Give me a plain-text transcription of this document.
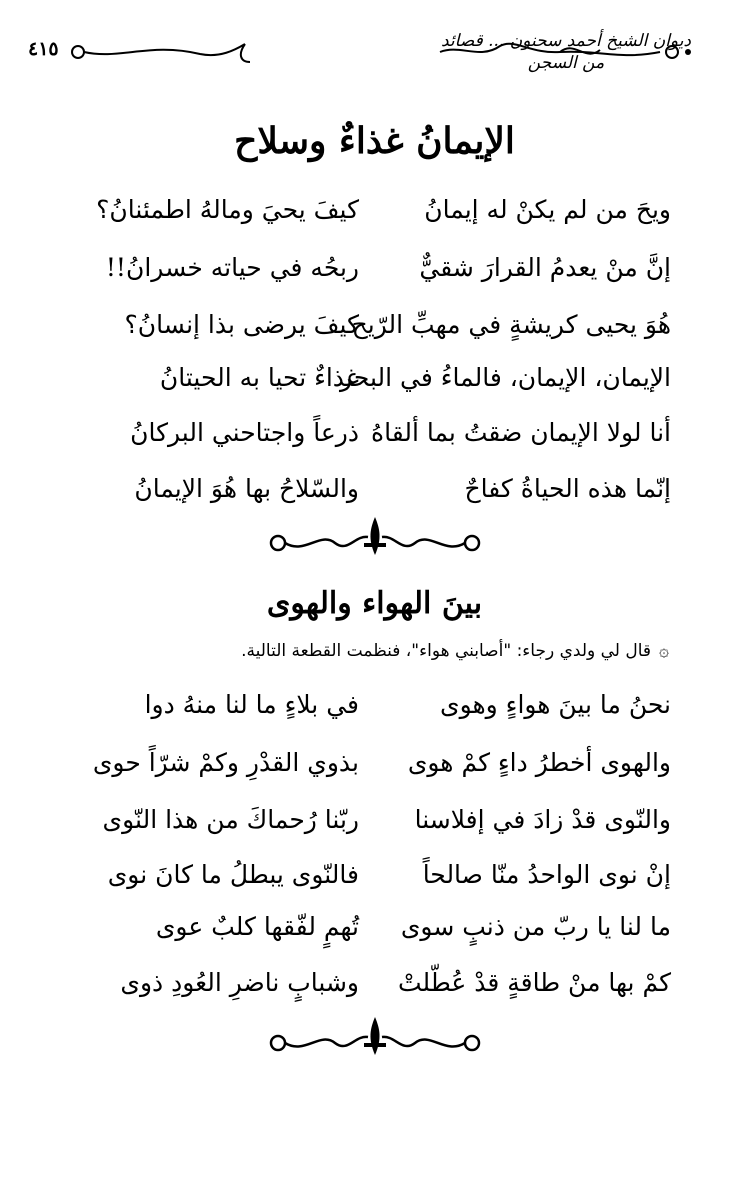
٤١٥	ديوان الشيخ أحمد سحنون ... قصائد من السجن
الإيمانُ غذاءٌ وسلاح
ويحَ من لم يكنْ له إيمانُ
كيفَ يحيَ ومالهُ اطمئنانُ؟
إنَّ منْ يعدمُ القرارَ شقيٌّ
ربحُه في حياته خسرانُ!!
هُوَ يحيى كريشةٍ في مهبِّ الرّيح
كيفَ يرضى بذا إنسانُ؟
الإيمان، الإيمان، فالماءُ في البحر
غذاءٌ تحيا به الحيتانُ
أنا لولا الإيمان ضقتُ بما ألقاهُ
ذرعاً واجتاحني البركانُ
إنّما هذه الحياةُ كفاحٌ
والسّلاحُ بها هُوَ الإيمانُ
بينَ الهواء والهوى
۞قال لي ولدي رجاء: "أصابني هواء"، فنظمت القطعة التالية.
نحنُ ما بينَ هواءٍ وهوى
في بلاءٍ ما لنا منهُ دوا
والهوى أخطرُ داءٍ كمْ هوى
بذوي القدْرِ وكمْ شرّاً حوى
والنّوى قدْ زادَ في إفلاسنا
ربّنا رُحماكَ من هذا النّوى
إنْ نوى الواحدُ منّا صالحاً
فالنّوى يبطلُ ما كانَ نوى
ما لنا يا ربّ من ذنبٍ سوى
تُهمٍ لفّقها كلبٌ عوى
كمْ بها منْ طاقةٍ قدْ عُطّلتْ
وشبابٍ ناضرِ العُودِ ذوى
